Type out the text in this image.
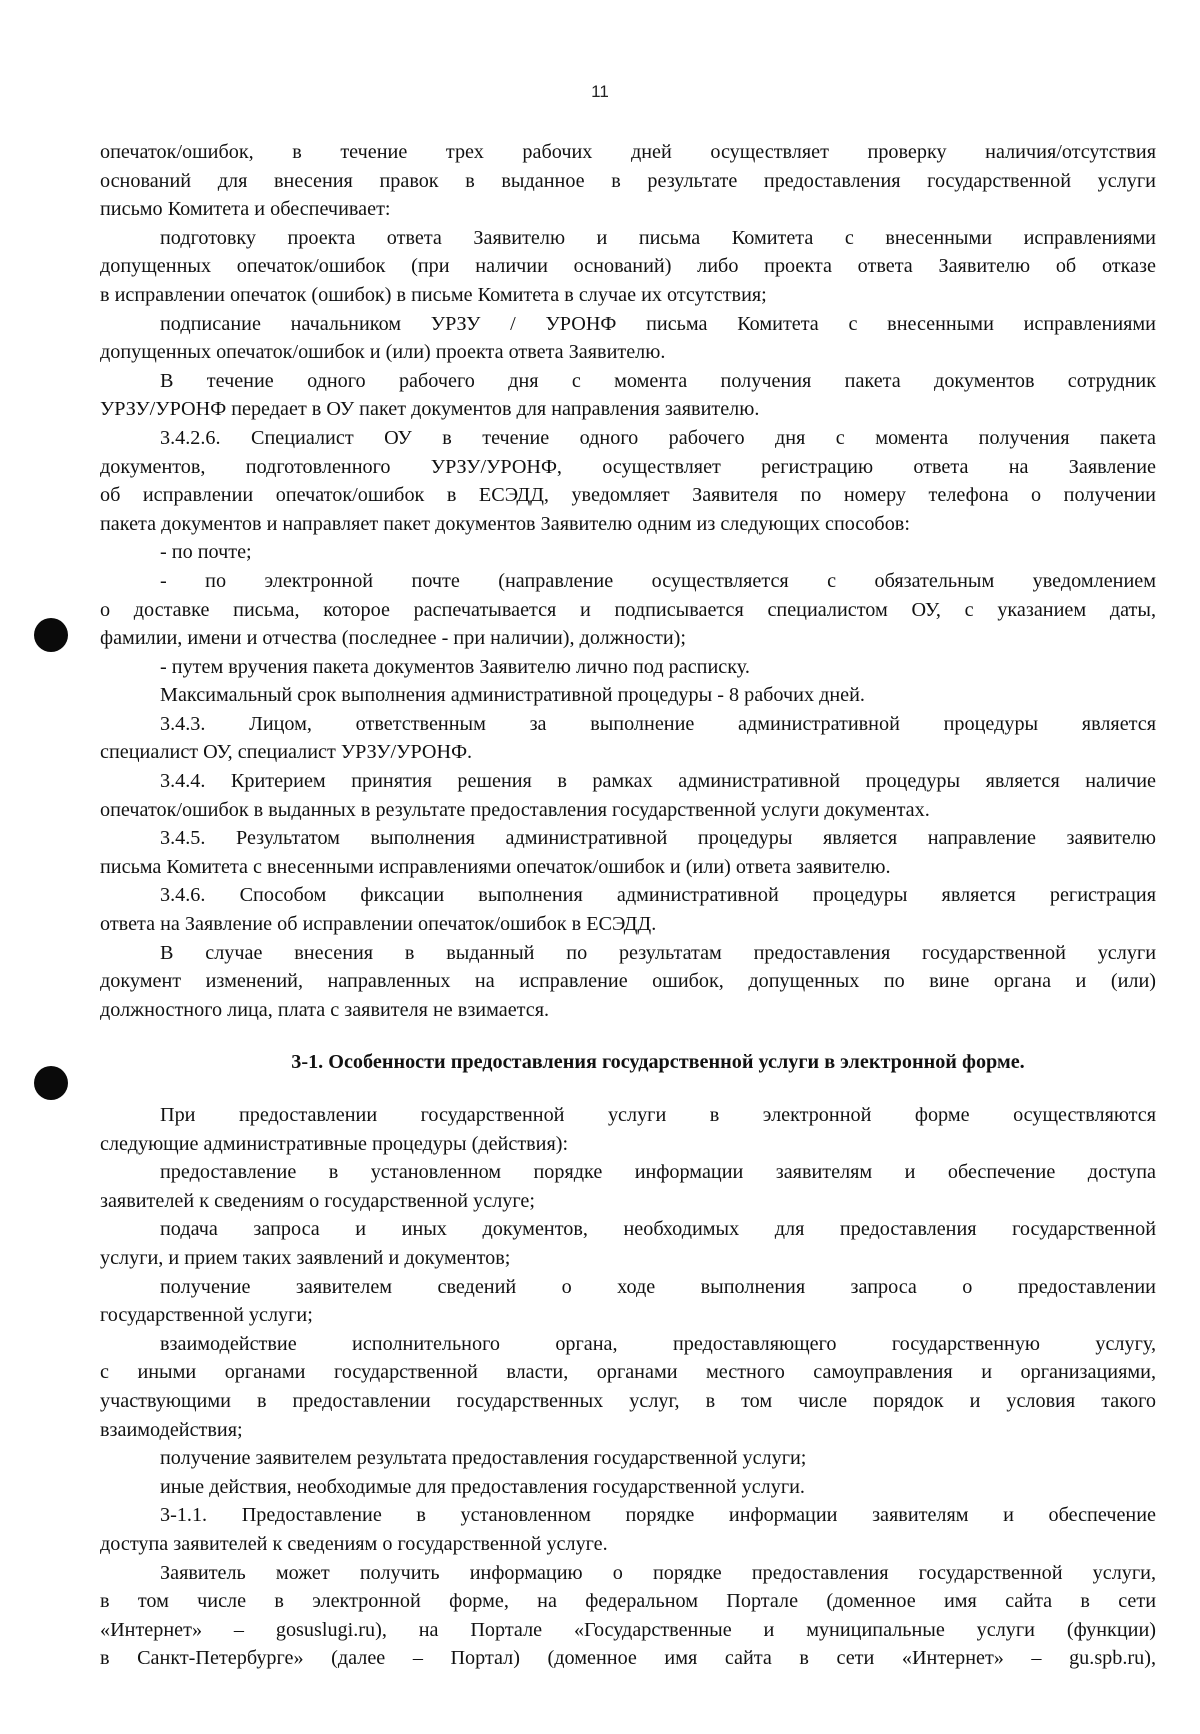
11

опечаток/ошибок, в течение трех рабочих дней осуществляет проверку наличия/отсутствия

оснований для внесения правок в выданное в результате предоставления государственной услуги

письмо Комитета и обеспечивает:

подготовку проекта ответа Заявителю и письма Комитета с внесенными исправлениями

допущенных опечаток/ошибок (при наличии оснований) либо проекта ответа Заявителю об отказе

в исправлении опечаток (ошибок) в письме Комитета в случае их отсутствия;

подписание начальником УРЗУ / УРОНФ письма Комитета с внесенными исправлениями

допущенных опечаток/ошибок и (или) проекта ответа Заявителю.

В течение одного рабочего дня с момента получения пакета документов сотрудник

УРЗУ/УРОНФ передает в ОУ пакет документов для направления заявителю.

3.4.2.6. Специалист ОУ в течение одного рабочего дня с момента получения пакета

документов, подготовленного УРЗУ/УРОНФ, осуществляет регистрацию ответа на Заявление

об исправлении опечаток/ошибок в ЕСЭДД, уведомляет Заявителя по номеру телефона о получении

пакета документов и направляет пакет документов Заявителю одним из следующих способов:

- по почте;

- по электронной почте (направление осуществляется с обязательным уведомлением

о доставке письма, которое распечатывается и подписывается специалистом ОУ, с указанием даты,

фамилии, имени и отчества (последнее - при наличии), должности);

- путем вручения пакета документов Заявителю лично под расписку.

Максимальный срок выполнения административной процедуры - 8 рабочих дней.

3.4.3. Лицом, ответственным за выполнение административной процедуры является

специалист ОУ, специалист УРЗУ/УРОНФ.

3.4.4. Критерием принятия решения в рамках административной процедуры является наличие

опечаток/ошибок в выданных в результате предоставления государственной услуги документах.

3.4.5. Результатом выполнения административной процедуры является направление заявителю

письма Комитета с внесенными исправлениями опечаток/ошибок и (или) ответа заявителю.

3.4.6. Способом фиксации выполнения административной процедуры является регистрация

ответа на Заявление об исправлении опечаток/ошибок в ЕСЭДД.

В случае внесения в выданный по результатам предоставления государственной услуги

документ изменений, направленных на исправление ошибок, допущенных по вине органа и (или)

должностного лица, плата с заявителя не взимается.

3-1. Особенности предоставления государственной услуги в электронной форме.

При предоставлении государственной услуги в электронной форме осуществляются

следующие административные процедуры (действия):

предоставление в установленном порядке информации заявителям и обеспечение доступа

заявителей к сведениям о государственной услуге;

подача запроса и иных документов, необходимых для предоставления государственной

услуги, и прием таких заявлений и документов;

получение заявителем сведений о ходе выполнения запроса о предоставлении

государственной услуги;

взаимодействие исполнительного органа, предоставляющего государственную услугу,

с иными органами государственной власти, органами местного самоуправления и организациями,

участвующими в предоставлении государственных услуг, в том числе порядок и условия такого

взаимодействия;

получение заявителем результата предоставления государственной услуги;

иные действия, необходимые для предоставления государственной услуги.

3-1.1. Предоставление в установленном порядке информации заявителям и обеспечение

доступа заявителей к сведениям о государственной услуге.

Заявитель может получить информацию о порядке предоставления государственной услуги,

в том числе в электронной форме, на федеральном Портале (доменное имя сайта в сети

«Интернет» – gosuslugi.ru), на Портале «Государственные и муниципальные услуги (функции)

в Санкт-Петербурге» (далее – Портал) (доменное имя сайта в сети «Интернет» – gu.spb.ru),
